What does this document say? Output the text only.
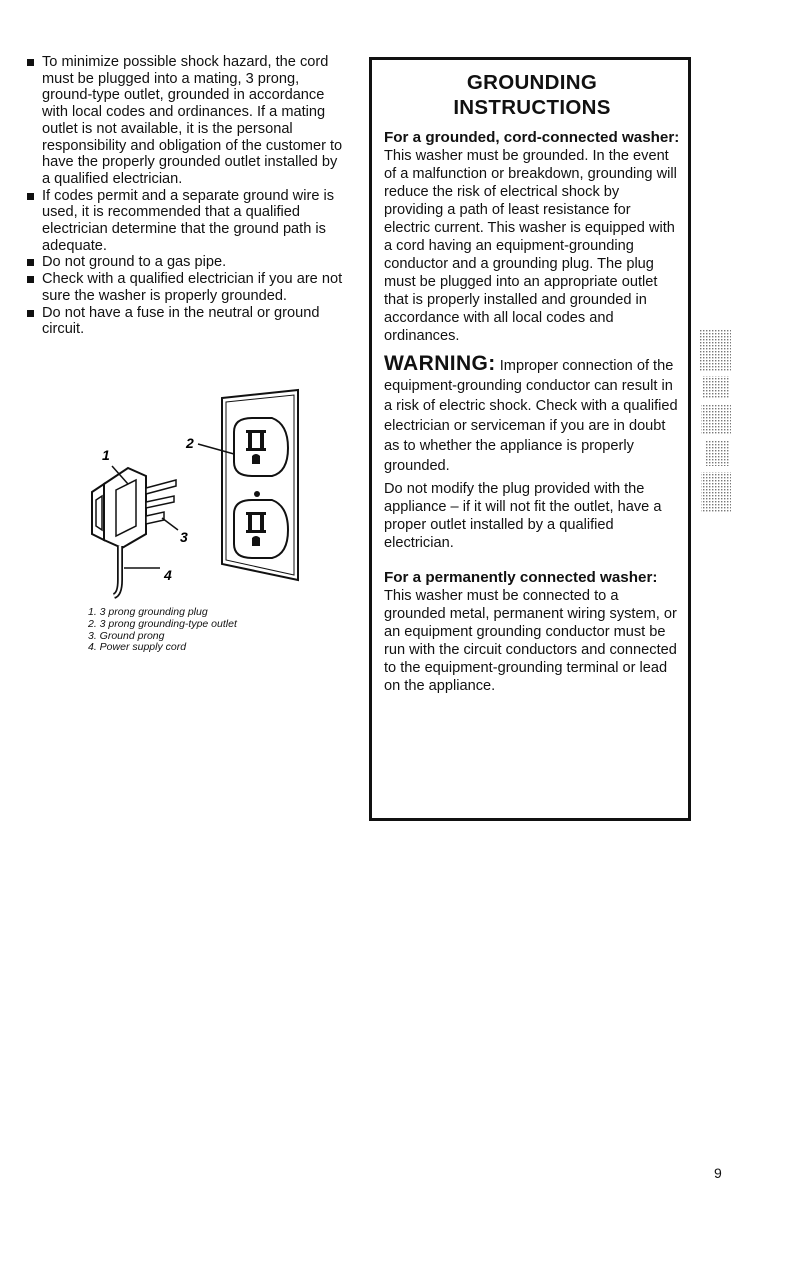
To minimize possible shock hazard, the cord must be plugged into a mating, 3 prong, ground-type outlet, grounded in accordance with local codes and ordinances. If a mating outlet is not available, it is the personal responsibility and obligation of the customer to have the properly grounded outlet installed by a qualified electrician.
If codes permit and a separate ground wire is used, it is recommended that a qualified electrician determine that the ground path is adequate.
Do not ground to a gas pipe.
Check with a qualified electrician if you are not sure the washer is properly grounded.
Do not have a fuse in the neutral or ground circuit.
1
2
3
4
1. 3 prong grounding plug
2. 3 prong grounding-type outlet
3. Ground prong
4. Power supply cord
GROUNDING
INSTRUCTIONS
For a grounded, cord-connected washer:

This washer must be grounded. In the event of a malfunction or breakdown, grounding will reduce the risk of electrical shock by providing a path of least resistance for electric current. This washer is equipped with a cord having an equipment-grounding conductor and a grounding plug. The plug must be plugged into an appropriate outlet that is properly installed and grounded in accordance with all local codes and ordinances.

WARNING: Improper connection of the equipment-grounding conductor can result in a risk of electric shock. Check with a qualified electrician or serviceman if you are in doubt as to whether the appliance is properly grounded.

Do not modify the plug provided with the appliance – if it will not fit the outlet, have a proper outlet installed by a qualified electrician.

For a permanently connected washer:

This washer must be connected to a grounded metal, permanent wiring system, or an equipment grounding conductor must be run with the circuit conductors and connected to the equipment-grounding terminal or lead on the appliance.

9
